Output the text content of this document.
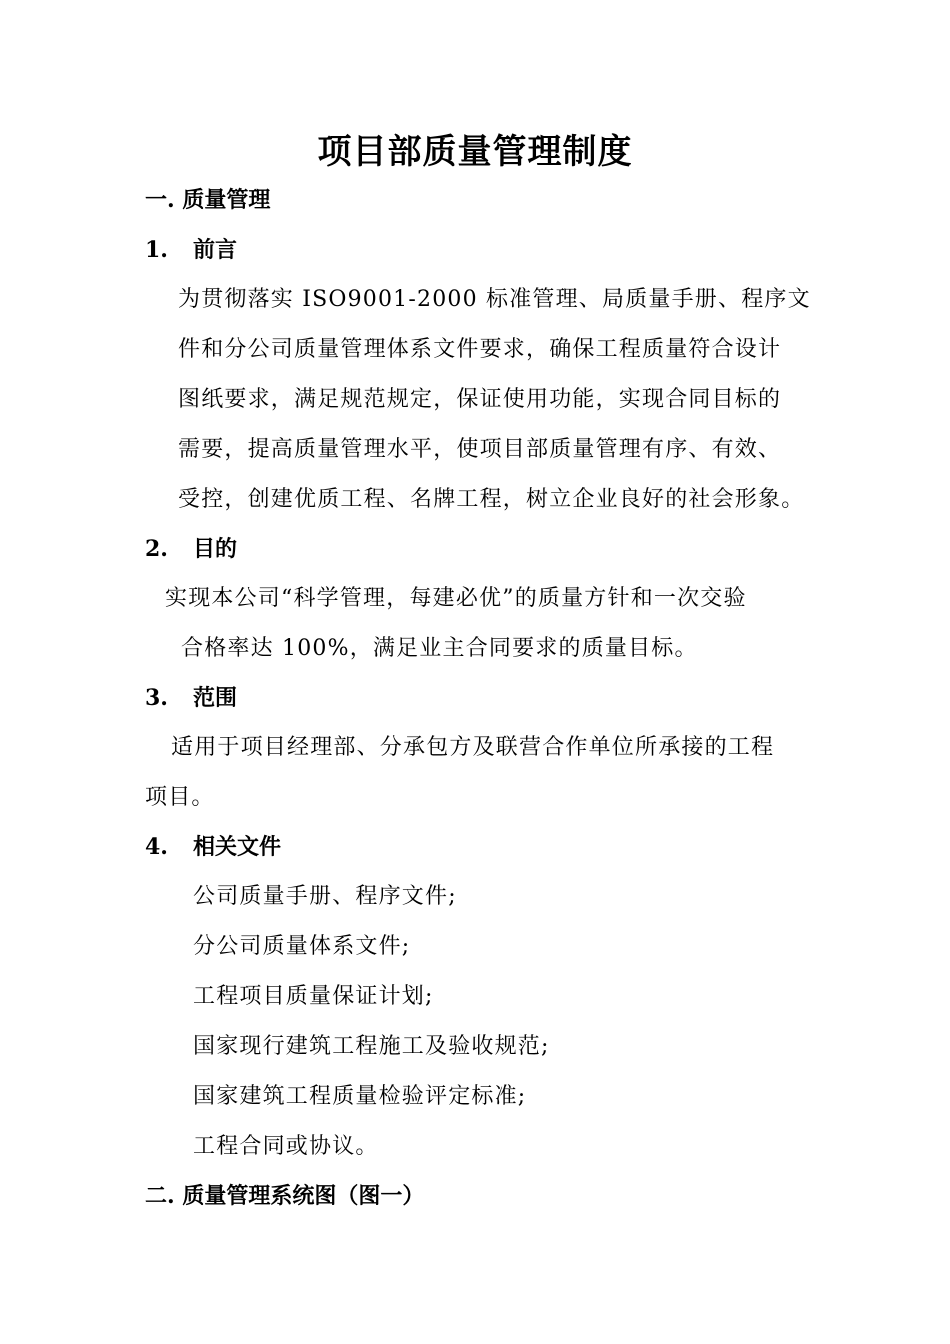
项目部质量管理制度
一. 质量管理
1. 前言
为贯彻落实 ISO9001-2000 标准管理、局质量手册、程序文
件和分公司质量管理体系文件要求，确保工程质量符合设计
图纸要求，满足规范规定，保证使用功能，实现合同目标的
需要，提高质量管理水平，使项目部质量管理有序、有效、
受控，创建优质工程、名牌工程，树立企业良好的社会形象。
2. 目的
实现本公司“科学管理，每建必优”的质量方针和一次交验
合格率达 100%，满足业主合同要求的质量目标。
3. 范围
适用于项目经理部、分承包方及联营合作单位所承接的工程
项目。
4. 相关文件
公司质量手册、程序文件;
分公司质量体系文件;
工程项目质量保证计划;
国家现行建筑工程施工及验收规范;
国家建筑工程质量检验评定标准;
工程合同或协议。
二. 质量管理系统图（图一）
